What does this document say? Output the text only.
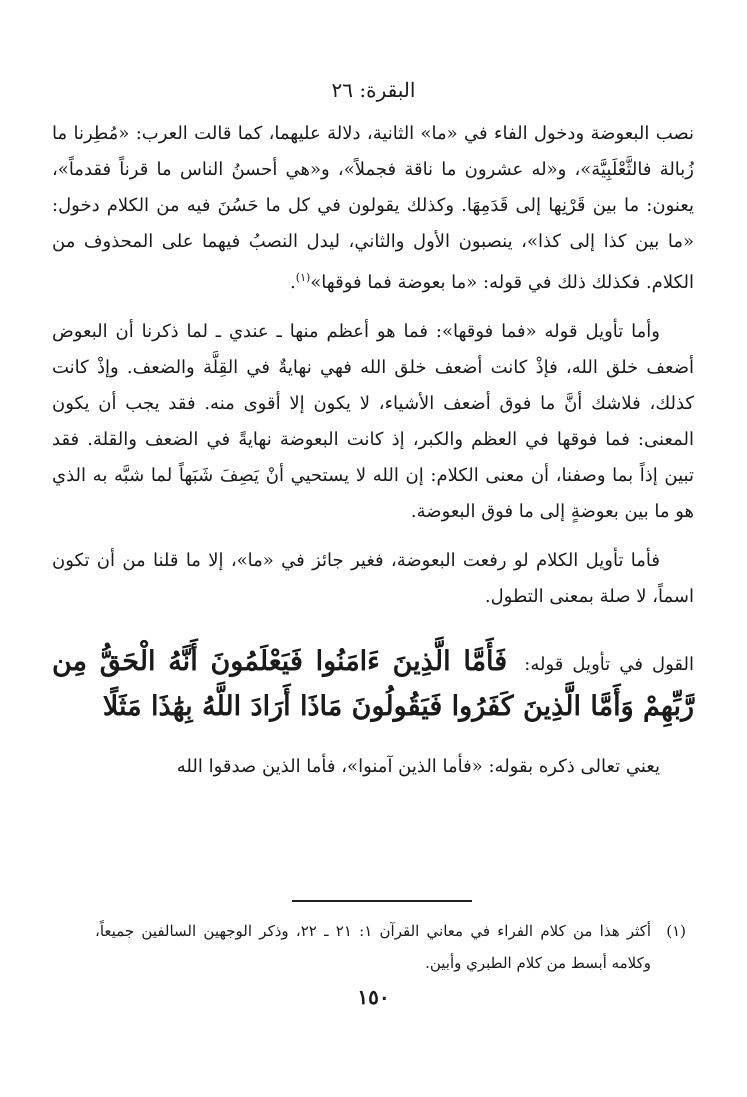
البقرة: ٢٦

نصب البعوضة ودخول الفاء في «ما» الثانية، دلالة عليهما، كما قالت العرب: «مُطِرنا ما زُبالة فالثَّعْلَبِيَّة»، و«له عشرون ما ناقة فجملاً»، و«هي أحسنُ الناس ما قرناً فقدماً»، يعنون: ما بين قَرْنِها إلى قَدَمِهَا. وكذلك يقولون في كل ما حَسُنَ فيه من الكلام دخول: «ما بين كذا إلى كذا»، ينصبون الأول والثاني، ليدل النصبُ فيهما على المحذوف من الكلام. فكذلك ذلك في قوله: «ما بعوضة فما فوقها»$^{(١)}$.

وأما تأويل قوله «فما فوقها»: فما هو أعظم منها ـ عندي ـ لما ذكرنا أن البعوض أضعف خلق الله، فإذْ كانت أضعف خلق الله فهي نهايةٌ في القِلَّة والضعف. وإذْ كانت كذلك، فلاشك أنَّ ما فوق أضعف الأشياء، لا يكون إلا أقوى منه. فقد يجب أن يكون المعنى: فما فوقها في العظم والكبر، إذ كانت البعوضة نهايةً في الضعف والقلة. فقد تبين إذاً بما وصفنا، أن معنى الكلام: إن الله لا يستحيي أنْ يَصِفَ شَبَهاً لما شبَّه به الذي هو ما بين بعوضةٍ إلى ما فوق البعوضة.

فأما تأويل الكلام لو رفعت البعوضة، فغير جائز في «ما»، إلا ما قلنا من أن تكون اسماً، لا صلة بمعنى التطول.

القول في تأويل قوله: فَأَمَّا الَّذِينَ ءَامَنُوا فَيَعْلَمُونَ أَنَّهُ الْحَقُّ مِن رَّبِّهِمْ وَأَمَّا الَّذِينَ كَفَرُوا فَيَقُولُونَ مَاذَا أَرَادَ اللَّهُ بِهَٰذَا مَثَلًا

يعني تعالى ذكره بقوله: «فأما الذين آمنوا»، فأما الذين صدقوا الله

(١)
أكثر هذا من كلام الفراء في معاني القرآن ١: ٢١ ـ ٢٢، وذكر الوجهين السالفين جميعاً، وكلامه أبسط من كلام الطبري وأبين.
١٥٠
